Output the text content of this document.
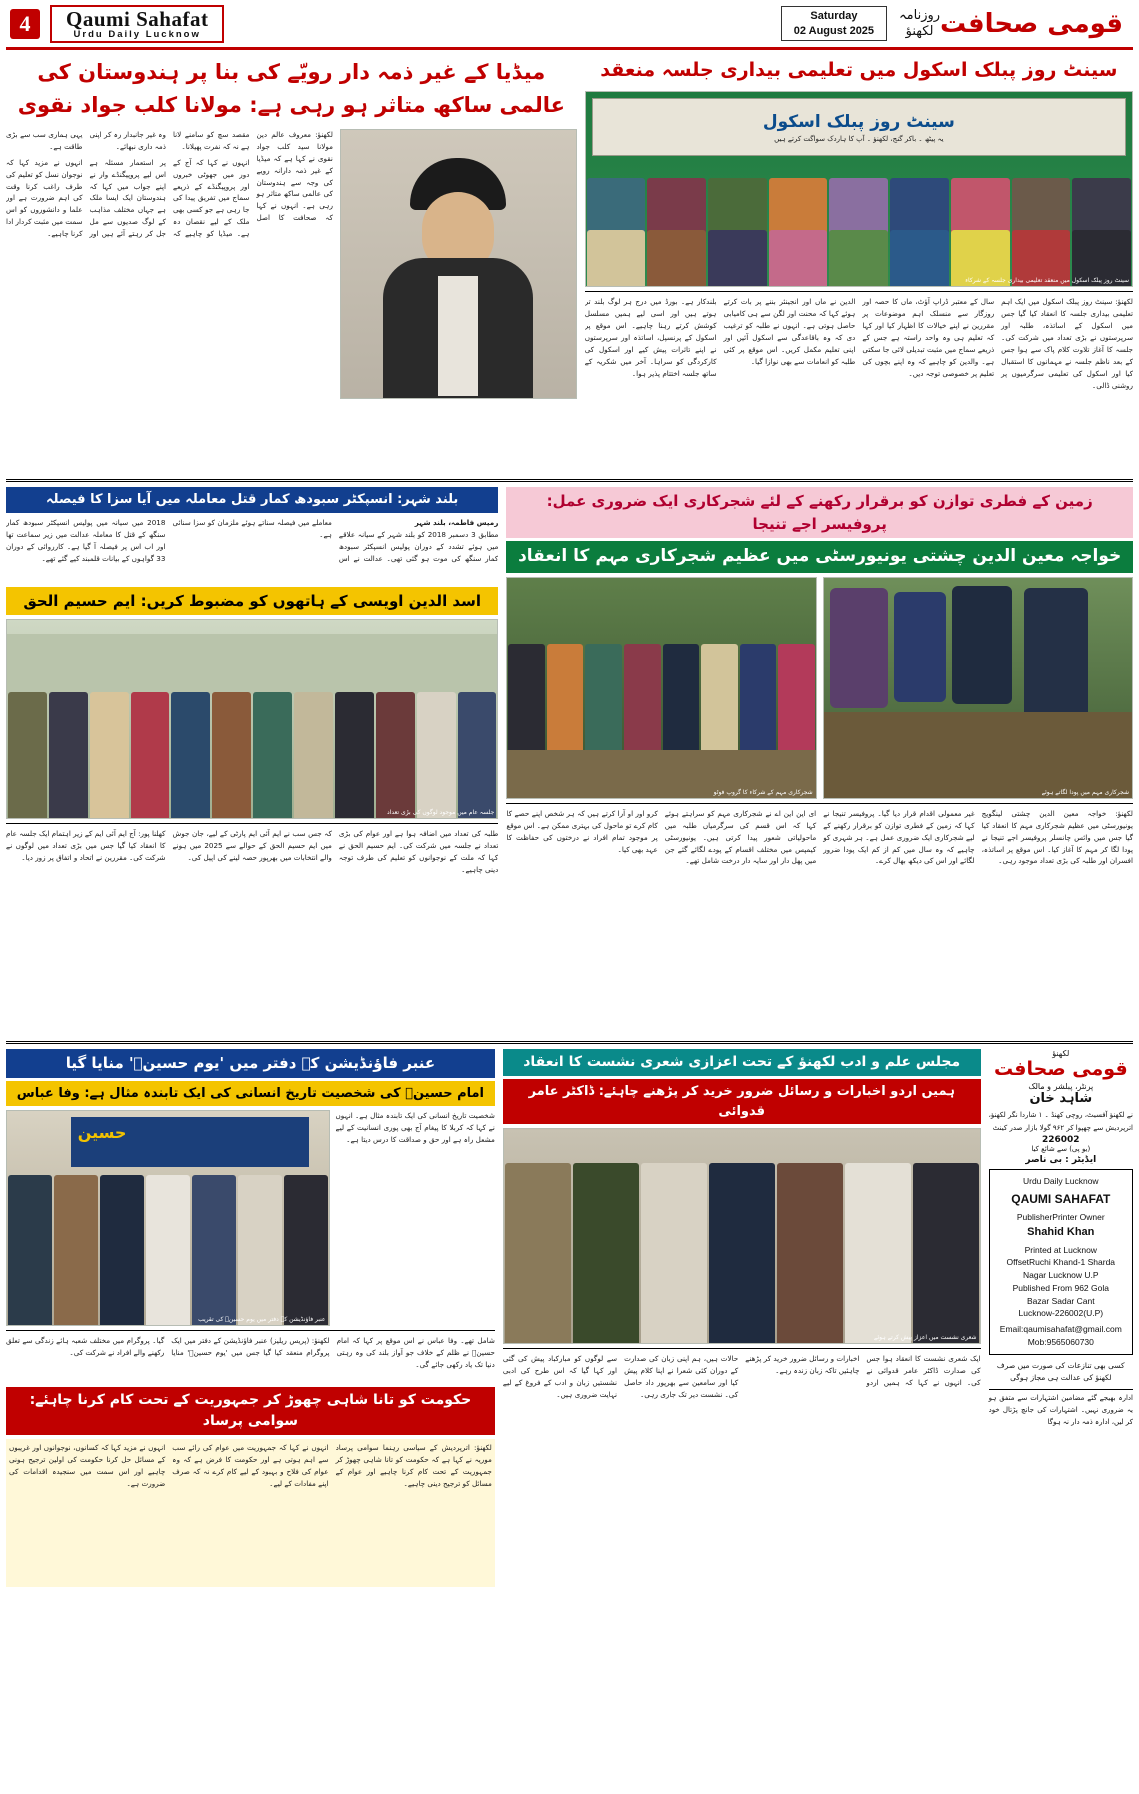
4	Qaumi Sahafat
Urdu Daily Lucknow
Saturday
02 August 2025
روزنامہ
لکھنؤ قومی صحافت
سینٹ روز پبلک اسکول میں تعلیمی بیداری جلسہ منعقد
سینٹ روز پبلک اسکول
یہ پیٹھ ۔ باکر گنج، لکھنؤ ۔ آپ کا ہاردک سواگت کرتے ہیں
سینٹ روز پبلک اسکول میں منعقد تعلیمی بیداری جلسہ کے شرکاء

لکھنؤ: سینٹ روز پبلک اسکول میں ایک اہم تعلیمی بیداری جلسہ کا انعقاد کیا گیا جس میں اسکول کے اساتذہ، طلبہ اور سرپرستوں نے بڑی تعداد میں شرکت کی۔ جلسہ کا آغاز تلاوت کلام پاک سے ہوا جس کے بعد ناظم جلسہ نے مہمانوں کا استقبال کیا اور اسکول کی تعلیمی سرگرمیوں پر روشنی ڈالی۔

سال کے معتبر ڈراپ آؤٹ، ماں کا حصہ اور روزگار سے منسلک اہم موضوعات پر مقررین نے اپنے خیالات کا اظہار کیا اور کہا کہ تعلیم ہی وہ واحد راستہ ہے جس کے ذریعے سماج میں مثبت تبدیلی لائی جا سکتی ہے۔ والدین کو چاہیے کہ وہ اپنے بچوں کی تعلیم پر خصوصی توجہ دیں۔

الدین نے ماں اور انجینئر بننے پر بات کرتے ہوئے کہا کہ محنت اور لگن سے ہی کامیابی حاصل ہوتی ہے۔ انہوں نے طلبہ کو ترغیب دی کہ وہ باقاعدگی سے اسکول آئیں اور اپنی تعلیم مکمل کریں۔ اس موقع پر کئی طلبہ کو انعامات سے بھی نوازا گیا۔

بلندکار ہے۔ بورڈ میں درج ہر لوگ بلند تر ہوتے ہیں اور اسی لیے ہمیں مسلسل کوشش کرتے رہنا چاہیے۔ اس موقع پر اسکول کے پرنسپل، اساتذہ اور سرپرستوں نے اپنے تاثرات پیش کیے اور اسکول کی کارکردگی کو سراہا۔ آخر میں شکریہ کے ساتھ جلسہ اختتام پذیر ہوا۔

میڈیا کے غیر ذمہ دار رویّے کی بنا پر ہندوستان کی عالمی ساکھ متاثر ہو رہی ہے: مولانا کلب جواد نقوی

لکھنؤ: معروف عالم دین مولانا سید کلب جواد نقوی نے کہا ہے کہ میڈیا کے غیر ذمہ دارانہ رویے کی وجہ سے ہندوستان کی عالمی ساکھ متاثر ہو رہی ہے۔ انہوں نے کہا کہ صحافت کا اصل مقصد سچ کو سامنے لانا ہے نہ کہ نفرت پھیلانا۔

انہوں نے کہا کہ آج کے دور میں جھوٹی خبروں اور پروپیگنڈے کے ذریعے سماج میں تفریق پیدا کی جا رہی ہے جو کسی بھی ملک کے لیے نقصان دہ ہے۔ میڈیا کو چاہیے کہ وہ غیر جانبدار رہ کر اپنی ذمہ داری نبھائے۔

پر استعمار مسئلہ ہے اس لیے پروپیگنڈے وار نے اپنے جواب میں کہا کہ ہندوستان ایک ایسا ملک ہے جہاں مختلف مذاہب کے لوگ صدیوں سے مل جل کر رہتے آئے ہیں اور یہی ہماری سب سے بڑی طاقت ہے۔

انہوں نے مزید کہا کہ نوجوان نسل کو تعلیم کی طرف راغب کرنا وقت کی اہم ضرورت ہے اور علما و دانشوروں کو اس سمت میں مثبت کردار ادا کرنا چاہیے۔

زمین کے فطری توازن کو برقرار رکھنے کے لئے شجرکاری ایک ضروری عمل: پروفیسر اجے تنیجا
خواجہ معین الدین چشتی یونیورسٹی میں عظیم شجرکاری مہم کا انعقاد
شجرکاری مہم میں پودا لگاتے ہوئے
شجرکاری مہم کے شرکاء کا گروپ فوٹو

لکھنؤ: خواجہ معین الدین چشتی لینگویج یونیورسٹی میں عظیم شجرکاری مہم کا انعقاد کیا گیا جس میں وائس چانسلر پروفیسر اجے تنیجا نے پودا لگا کر مہم کا آغاز کیا۔ اس موقع پر اساتذہ، افسران اور طلبہ کی بڑی تعداد موجود رہی۔

غیر معمولی اقدام قرار دیا گیا۔ پروفیسر تنیجا نے کہا کہ زمین کے فطری توازن کو برقرار رکھنے کے لیے شجرکاری ایک ضروری عمل ہے۔ ہر شہری کو چاہیے کہ وہ سال میں کم از کم ایک پودا ضرور لگائے اور اس کی دیکھ بھال کرے۔

ای این این اے نے شجرکاری مہم کو سراہتے ہوئے کہا کہ اس قسم کی سرگرمیاں طلبہ میں ماحولیاتی شعور پیدا کرتی ہیں۔ یونیورسٹی کیمپس میں مختلف اقسام کے پودے لگائے گئے جن میں پھل دار اور سایہ دار درخت شامل تھے۔

کرو اور او آرا کرتے ہیں کہ ہر شخص اپنے حصے کا کام کرے تو ماحول کی بہتری ممکن ہے۔ اس موقع پر موجود تمام افراد نے درختوں کی حفاظت کا عہد بھی کیا۔

بلند شہر: انسپکٹر سبودھ کمار قتل معاملہ میں آیا سزا کا فیصلہ

رمیس فاطمہ، بلند شہر

مطابق 3 دسمبر 2018 کو بلند شہر کے سیانہ علاقے میں ہوئے تشدد کے دوران پولیس انسپکٹر سبودھ کمار سنگھ کی موت ہو گئی تھی۔ عدالت نے اس معاملے میں فیصلہ سناتے ہوئے ملزمان کو سزا سنائی ہے۔

2018 میں سیانہ میں پولیس انسپکٹر سبودھ کمار سنگھ کے قتل کا معاملہ عدالت میں زیر سماعت تھا اور اب اس پر فیصلہ آ گیا ہے۔ کارروائی کے دوران 33 گواہوں کے بیانات قلمبند کیے گئے تھے۔

اسد الدین اویسی کے ہاتھوں کو مضبوط کریں: ایم حسیم الحق
جلسہ عام میں موجود لوگوں کی بڑی تعداد

طلبہ کی تعداد میں اضافہ ہوا ہے اور عوام کی بڑی تعداد نے جلسہ میں شرکت کی۔ ایم حسیم الحق نے کہا کہ ملت کے نوجوانوں کو تعلیم کی طرف توجہ دینی چاہیے۔

کہ جس سب نے ایم آئی ایم پارٹی کے لیے، جان جوش میں ایم حسیم الحق کے حوالے سے 2025 میں ہونے والے انتخابات میں بھرپور حصہ لینے کی اپیل کی۔

کھلنا پور: آج ایم آئی ایم کے زیر اہتمام ایک جلسہ عام کا انعقاد کیا گیا جس میں بڑی تعداد میں لوگوں نے شرکت کی۔ مقررین نے اتحاد و اتفاق پر زور دیا۔

لکھنؤ
قومی صحافت
پرنٹر، پبلشر و مالک
شاہد خان
نے لکھنؤ آفسیٹ، روچی کھنڈ ۔ ۱ شاردا نگر لکھنؤ، اترپردیش سے چھپوا کر ۹۶۲ گولا بازار صدر کینٹ
226002
(یو پی) سے شائع کیا
ایڈیٹر : بی ناصر
Urdu Daily Lucknow
QAUMI SAHAFAT
PublisherPrinter Owner
Shahid Khan
Printed at Lucknow
OffsetRuchi Khand-1 Sharda
Nagar Lucknow U.P
Published From 962 Gola
Bazar Sadar Cant
Lucknow-226002(U.P)
Email:qaumisahafat@gmail.com
Mob:9565060730
کسی بھی تنازعات کی صورت میں صرف لکھنؤ کی عدالت ہی مجاز ہوگی
ادارہ بھیجے گئے مضامین اشتہارات سے متفق ہو یہ ضروری نہیں۔ اشتہارات کی جانچ پڑتال خود کر لیں، ادارہ ذمہ دار نہ ہوگا
مجلس علم و ادب لکھنؤ کے تحت اعزازی شعری نشست کا انعقاد
ہمیں اردو اخبارات و رسائل ضرور خرید کر پڑھنے چاہئے: ڈاکٹر عامر قدوائی
شعری نشست میں اعزاز پیش کرتے ہوئے

ایک شعری نشست کا انعقاد ہوا جس کی صدارت ڈاکٹر عامر قدوائی نے کی۔ انہوں نے کہا کہ ہمیں اردو اخبارات و رسائل ضرور خرید کر پڑھنے چاہئیں تاکہ زبان زندہ رہے۔

حالات ہیں، ہم اپنی زبان کی صدارت کے دوران کئی شعرا نے اپنا کلام پیش کیا اور سامعین سے بھرپور داد حاصل کی۔ نشست دیر تک جاری رہی۔

سے لوگوں کو مبارکباد پیش کی گئی اور کہا گیا کہ اس طرح کی ادبی نشستیں زبان و ادب کے فروغ کے لیے نہایت ضروری ہیں۔

عنبر فاؤنڈیشن کے دفتر میں 'یوم حسینؑ' منایا گیا
امام حسینؑ کی شخصیت تاریخ انسانی کی ایک تابندہ مثال ہے: وفا عباس

شخصیت تاریخ انسانی کی ایک تابندہ مثال ہے۔ انہوں نے کہا کہ کربلا کا پیغام آج بھی پوری انسانیت کے لیے مشعل راہ ہے اور حق و صداقت کا درس دیتا ہے۔

حسین
عنبر فاؤنڈیشن کے دفتر میں یوم حسینؑ کی تقریب

شامل تھے۔ وفا عباس نے اس موقع پر کہا کہ امام حسینؑ نے ظلم کے خلاف جو آواز بلند کی وہ رہتی دنیا تک یاد رکھی جائے گی۔

لکھنؤ: (پریس ریلیز) عنبر فاؤنڈیشن کے دفتر میں ایک پروگرام منعقد کیا گیا جس میں 'یوم حسینؑ' منایا گیا۔ پروگرام میں مختلف شعبہ ہائے زندگی سے تعلق رکھنے والے افراد نے شرکت کی۔

حکومت کو تانا شاہی چھوڑ کر جمہوریت کے تحت کام کرنا چاہئے: سوامی پرساد

لکھنؤ: اترپردیش کے سیاسی رہنما سوامی پرساد موریہ نے کہا ہے کہ حکومت کو تانا شاہی چھوڑ کر جمہوریت کے تحت کام کرنا چاہیے اور عوام کے مسائل کو ترجیح دینی چاہیے۔

انہوں نے کہا کہ جمہوریت میں عوام کی رائے سب سے اہم ہوتی ہے اور حکومت کا فرض ہے کہ وہ عوام کی فلاح و بہبود کے لیے کام کرے نہ کہ صرف اپنے مفادات کے لیے۔

انہوں نے مزید کہا کہ کسانوں، نوجوانوں اور غریبوں کے مسائل حل کرنا حکومت کی اولین ترجیح ہونی چاہیے اور اس سمت میں سنجیدہ اقدامات کی ضرورت ہے۔
